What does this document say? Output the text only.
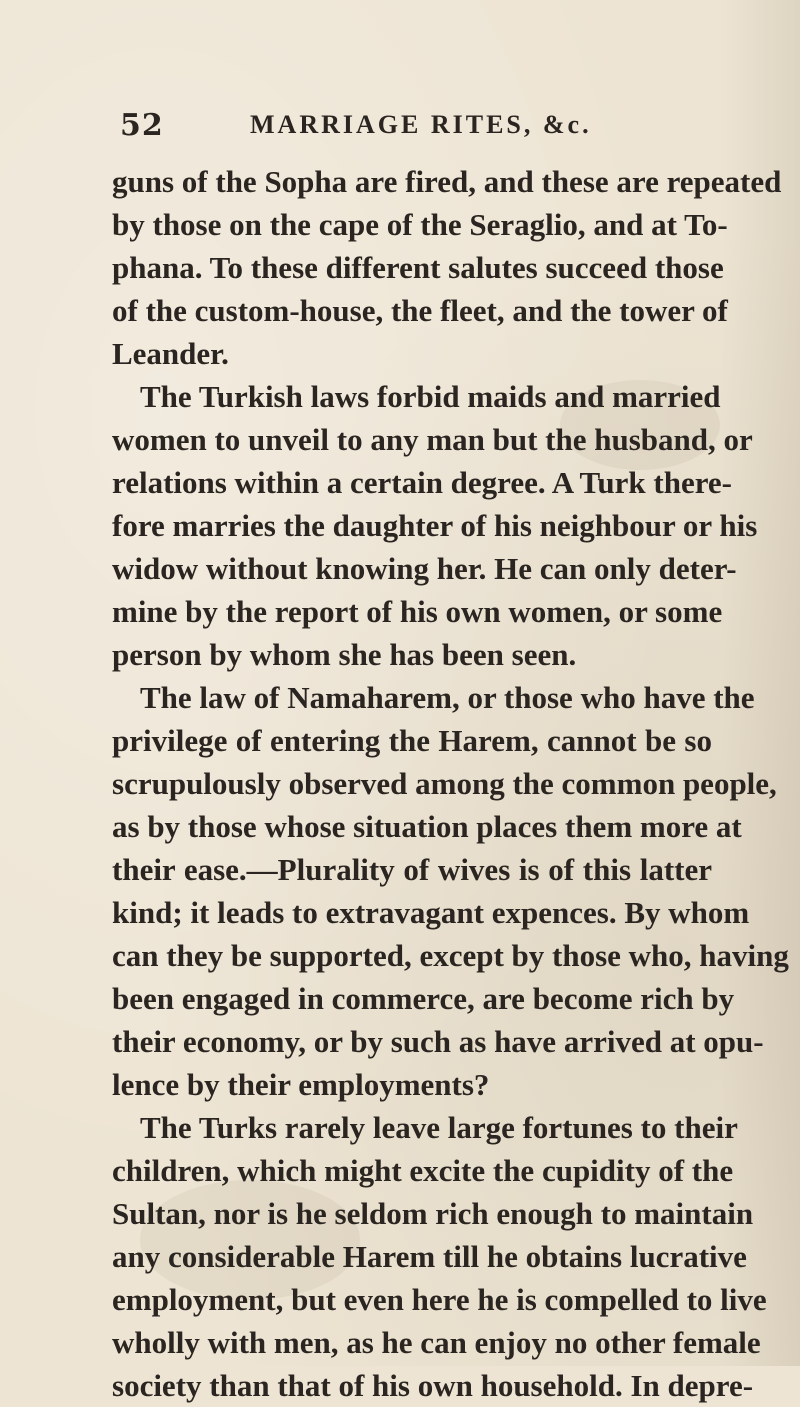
52	MARRIAGE RITES, &c.
guns of the Sopha are fired, and these are repeated
by those on the cape of the Seraglio, and at To-
phana. To these different salutes succeed those
of the custom-house, the fleet, and the tower of
Leander.
The Turkish laws forbid maids and married
women to unveil to any man but the husband, or
relations within a certain degree. A Turk there-
fore marries the daughter of his neighbour or his
widow without knowing her. He can only deter-
mine by the report of his own women, or some
person by whom she has been seen.
The law of Namaharem, or those who have the
privilege of entering the Harem, cannot be so
scrupulously observed among the common people,
as by those whose situation places them more at
their ease.—Plurality of wives is of this latter
kind; it leads to extravagant expences. By whom
can they be supported, except by those who, having
been engaged in commerce, are become rich by
their economy, or by such as have arrived at opu-
lence by their employments?
The Turks rarely leave large fortunes to their
children, which might excite the cupidity of the
Sultan, nor is he seldom rich enough to maintain
any considerable Harem till he obtains lucrative
employment, but even here he is compelled to live
wholly with men, as he can enjoy no other female
society than that of his own household. In depre-
